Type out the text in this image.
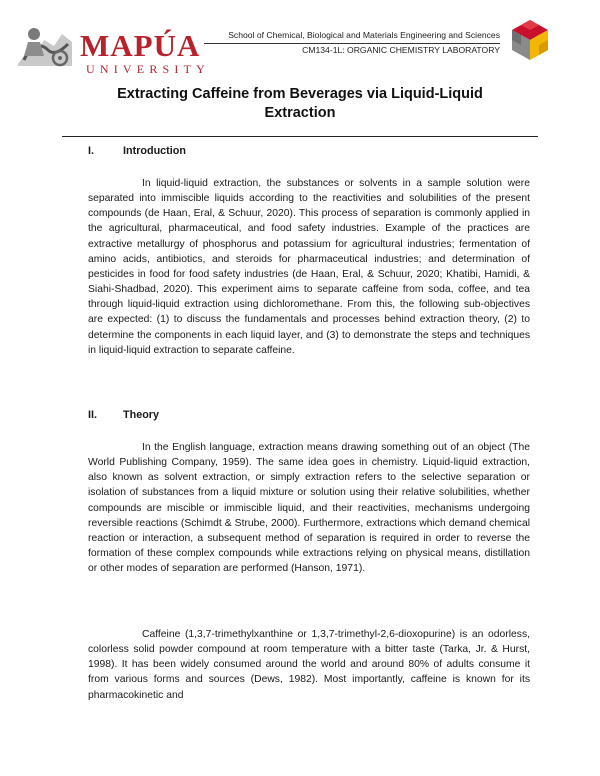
MAPÚA
UNIVERSITY
School of Chemical, Biological and Materials Engineering and Sciences
CM134-1L: ORGANIC CHEMISTRY LABORATORY
Extracting Caffeine from Beverages via Liquid-Liquid Extraction
I.	Introduction

In liquid-liquid extraction, the substances or solvents in a sample solution were separated into immiscible liquids according to the reactivities and solubilities of the present compounds (de Haan, Eral, & Schuur, 2020). This process of separation is commonly applied in the agricultural, pharmaceutical, and food safety industries. Example of the practices are extractive metallurgy of phosphorus and potassium for agricultural industries; fermentation of amino acids, antibiotics, and steroids for pharmaceutical industries; and determination of pesticides in food for food safety industries (de Haan, Eral, & Schuur, 2020; Khatibi, Hamidi, & Siahi-Shadbad, 2020). This experiment aims to separate caffeine from soda, coffee, and tea through liquid-liquid extraction using dichloromethane. From this, the following sub-objectives are expected: (1) to discuss the fundamentals and processes behind extraction theory, (2) to determine the components in each liquid layer, and (3) to demonstrate the steps and techniques in liquid-liquid extraction to separate caffeine.

II. Theory

In the English language, extraction means drawing something out of an object (The World Publishing Company, 1959). The same idea goes in chemistry. Liquid-liquid extraction, also known as solvent extraction, or simply extraction refers to the selective separation or isolation of substances from a liquid mixture or solution using their relative solubilities, whether compounds are miscible or immiscible liquid, and their reactivities, mechanisms undergoing reversible reactions (Schimdt & Strube, 2000). Furthermore, extractions which demand chemical reaction or interaction, a subsequent method of separation is required in order to reverse the formation of these complex compounds while extractions relying on physical means, distillation or other modes of separation are performed (Hanson, 1971).

Caffeine (1,3,7-trimethylxanthine or 1,3,7-trimethyl-2,6-dioxopurine) is an odorless, colorless solid powder compound at room temperature with a bitter taste (Tarka, Jr. & Hurst, 1998). It has been widely consumed around the world and around 80% of adults consume it from various forms and sources (Dews, 1982). Most importantly, caffeine is known for its pharmacokinetic and
